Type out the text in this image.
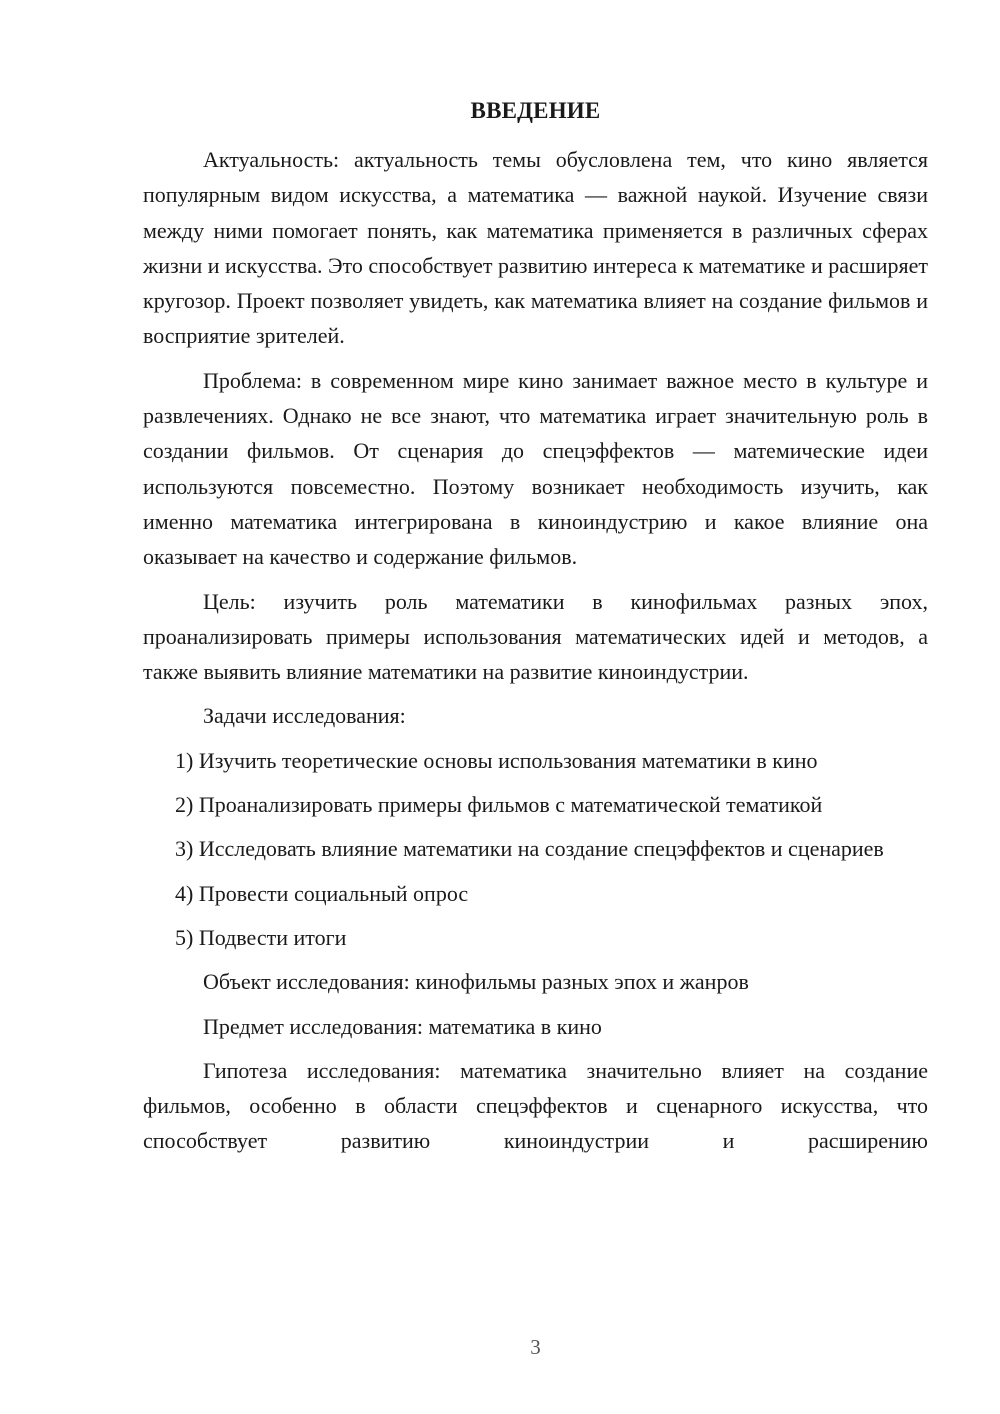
ВВЕДЕНИЕ

Актуальность: актуальность темы обусловлена тем, что кино является популярным видом искусства, а математика — важной наукой. Изучение связи между ними помогает понять, как математика применяется в различных сферах жизни и искусства. Это способствует развитию интереса к математике и расширяет кругозор. Проект позволяет увидеть, как математика влияет на создание фильмов и восприятие зрителей.

Проблема: в современном мире кино занимает важное место в культуре и развлечениях. Однако не все знают, что математика играет значительную роль в создании фильмов. От сценария до спецэффектов — матемические идеи используются повсеместно. Поэтому возникает необходимость изучить, как именно математика интегрирована в киноиндустрию и какое влияние она оказывает на качество и содержание фильмов.

Цель: изучить роль математики в кинофильмах разных эпох, проанализировать примеры использования математических идей и методов, а также выявить влияние математики на развитие киноиндустрии.

Задачи исследования:

1) Изучить теоретические основы использования математики в кино

2) Проанализировать примеры фильмов с математической тематикой

3) Исследовать влияние математики на создание спецэффектов и сценариев

4) Провести социальный опрос

5) Подвести итоги

Объект исследования: кинофильмы разных эпох и жанров

Предмет исследования: математика в кино

Гипотеза исследования: математика значительно влияет на создание фильмов, особенно в области спецэффектов и сценарного искусства, что способствует развитию киноиндустрии и расширению

3
